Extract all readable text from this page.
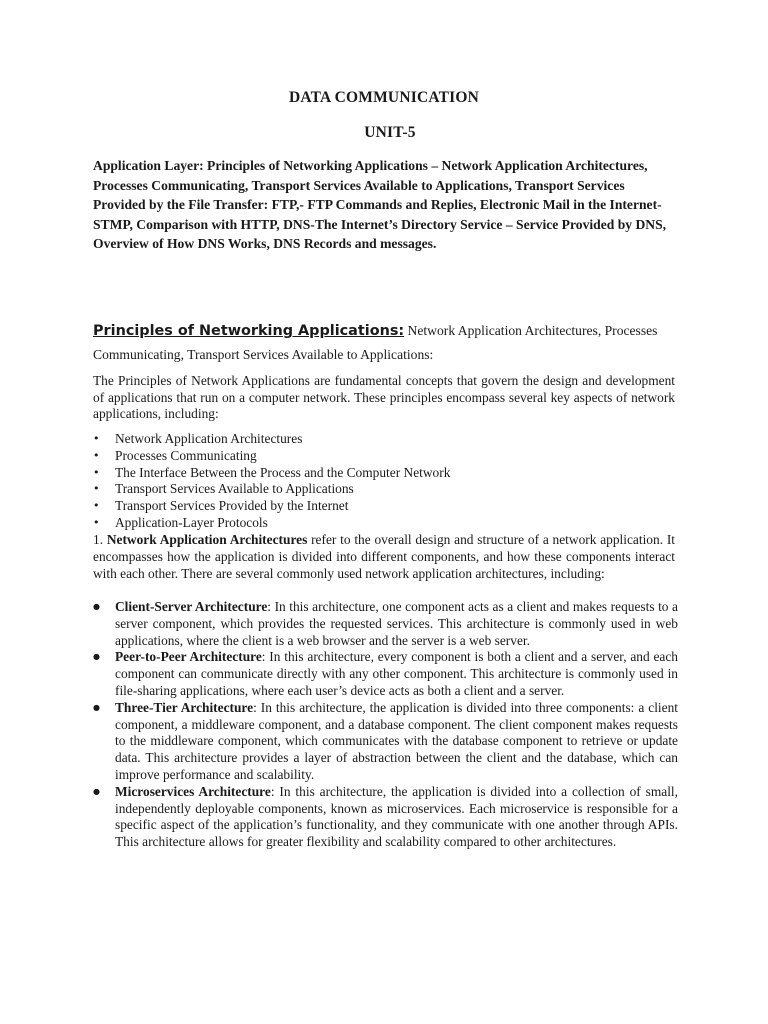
DATA COMMUNICATION
UNIT-5

Application Layer: Principles of Networking Applications – Network Application Architectures, Processes Communicating, Transport Services Available to Applications, Transport Services Provided by the File Transfer: FTP,- FTP Commands and Replies, Electronic Mail in the Internet- STMP, Comparison with HTTP, DNS-The Internet’s Directory Service – Service Provided by DNS, Overview of How DNS Works, DNS Records and messages.

Principles of Networking Applications: Network Application Architectures, Processes Communicating, Transport Services Available to Applications:

The Principles of Network Applications are fundamental concepts that govern the design and development of applications that run on a computer network. These principles encompass several key aspects of network applications, including:

• Network Application Architectures
• Processes Communicating
• The Interface Between the Process and the Computer Network
• Transport Services Available to Applications
• Transport Services Provided by the Internet
• Application-Layer Protocols

1. Network Application Architectures refer to the overall design and structure of a network application. It encompasses how the application is divided into different components, and how these components interact with each other. There are several commonly used network application architectures, including:

● Client-Server Architecture: In this architecture, one component acts as a client and makes requests to a server component, which provides the requested services. This architecture is commonly used in web applications, where the client is a web browser and the server is a web server.
● Peer-to-Peer Architecture: In this architecture, every component is both a client and a server, and each component can communicate directly with any other component. This architecture is commonly used in file-sharing applications, where each user’s device acts as both a client and a server.
● Three-Tier Architecture: In this architecture, the application is divided into three components: a client component, a middleware component, and a database component. The client component makes requests to the middleware component, which communicates with the database component to retrieve or update data. This architecture provides a layer of abstraction between the client and the database, which can improve performance and scalability.
● Microservices Architecture: In this architecture, the application is divided into a collection of small, independently deployable components, known as microservices. Each microservice is responsible for a specific aspect of the application’s functionality, and they communicate with one another through APIs. This architecture allows for greater flexibility and scalability compared to other architectures.
